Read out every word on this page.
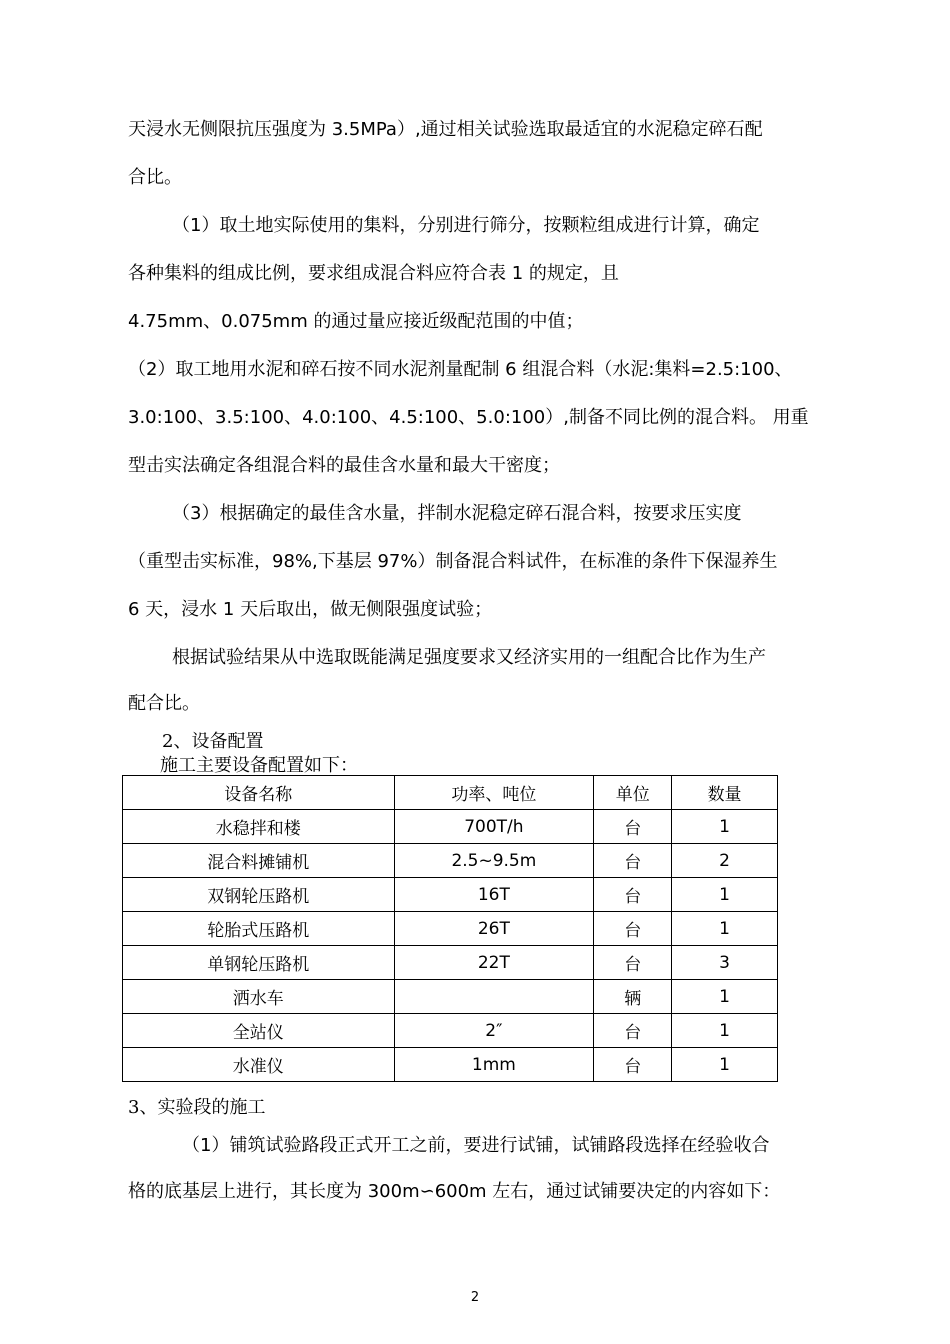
天浸水无侧限抗压强度为 3.5MPa）,通过相关试验选取最适宜的水泥稳定碎石配
合比。
（1）取土地实际使用的集料，分别进行筛分，按颗粒组成进行计算，确定
各种集料的组成比例，要求组成混合料应符合表 1 的规定，且
4.75mm、0.075mm 的通过量应接近级配范围的中值；
（2）取工地用水泥和碎石按不同水泥剂量配制 6 组混合料（水泥:集料=2.5:100、
3.0:100、3.5:100、4.0:100、4.5:100、5.0:100）,制备不同比例的混合料。 用重
型击实法确定各组混合料的最佳含水量和最大干密度；
（3）根据确定的最佳含水量，拌制水泥稳定碎石混合料，按要求压实度
（重型击实标准，98%,下基层 97%）制备混合料试件，在标准的条件下保湿养生
6 天，浸水 1 天后取出，做无侧限强度试验；
根据试验结果从中选取既能满足强度要求又经济实用的一组配合比作为生产
配合比。
2、设备配置
施工主要设备配置如下：
设备名称	功率、吨位	单位	数量
水稳拌和楼	700T/h	台	1
混合料摊铺机	2.5~9.5m	台	2
双钢轮压路机	16T	台	1
轮胎式压路机	26T	台	1
单钢轮压路机	22T	台	3
洒水车		辆	1
全站仪	2″	台	1
水准仪	1mm	台	1
3、实验段的施工
（1）铺筑试验路段正式开工之前，要进行试铺，试铺路段选择在经验收合
格的底基层上进行，其长度为 300m∽600m 左右，通过试铺要决定的内容如下：
2
